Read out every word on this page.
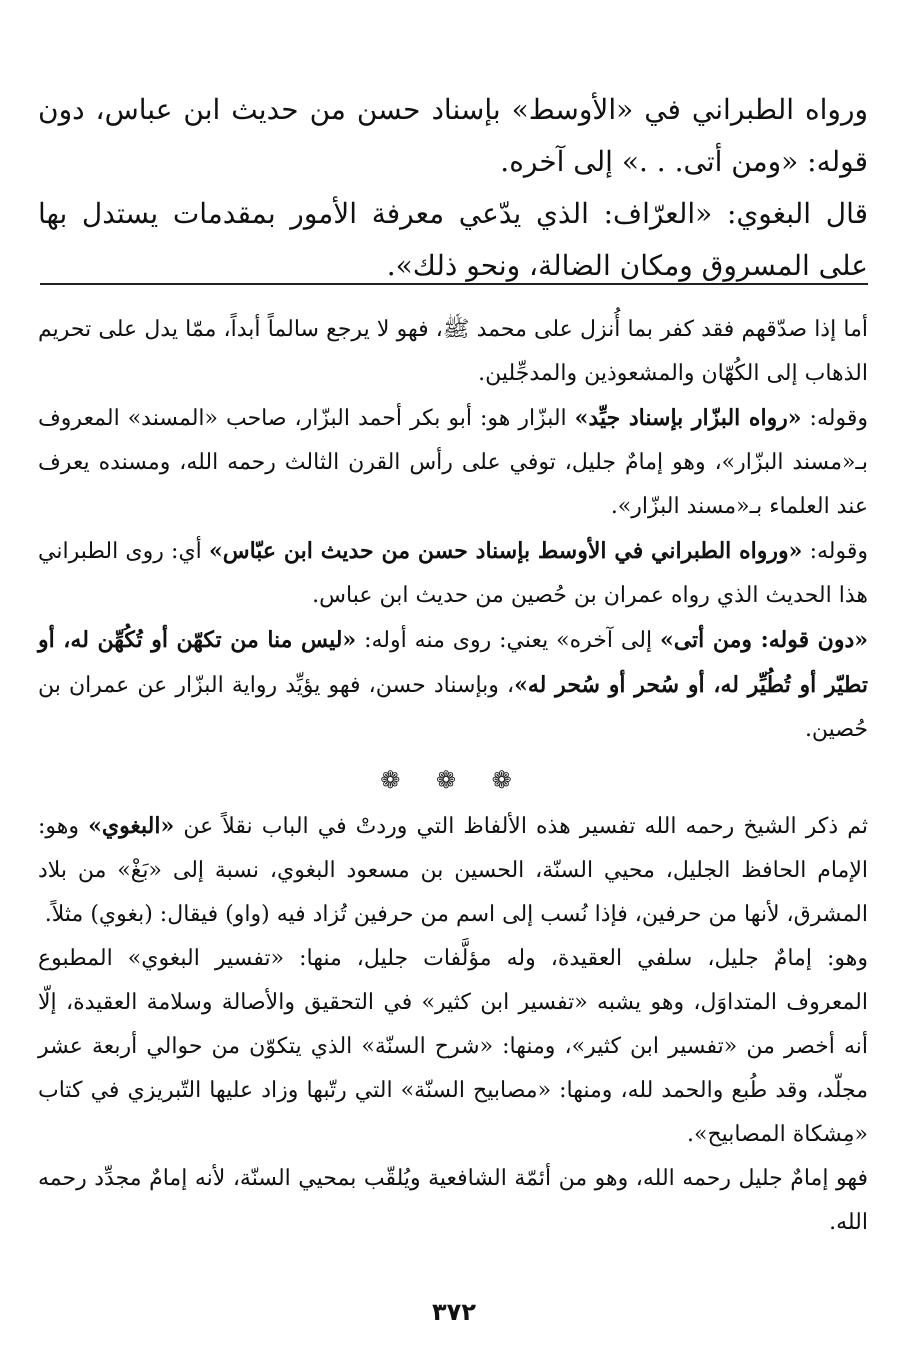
ورواه الطبراني في «الأوسط» بإسناد حسن من حديث ابن عباس، دون قوله: «ومن أتى. . .» إلى آخره.

قال البغوي: «العرّاف: الذي يدّعي معرفة الأمور بمقدمات يستدل بها على المسروق ومكان الضالة، ونحو ذلك».

أما إذا صدّقهم فقد كفر بما أُنزل على محمد ﷺ، فهو لا يرجع سالماً أبداً، ممّا يدل على تحريم الذهاب إلى الكُهّان والمشعوذين والمدجِّلين.

وقوله: «رواه البزّار بإسناد جيِّد» البزّار هو: أبو بكر أحمد البزّار، صاحب «المسند» المعروف بـ«مسند البزّار»، وهو إمامٌ جليل، توفي على رأس القرن الثالث رحمه الله، ومسنده يعرف عند العلماء بـ«مسند البزّار».

وقوله: «ورواه الطبراني في الأوسط بإسناد حسن من حديث ابن عبّاس» أي: روى الطبراني هذا الحديث الذي رواه عمران بن حُصين من حديث ابن عباس.

«دون قوله: ومن أتى» إلى آخره» يعني: روى منه أوله: «ليس منا من تكهّن أو تُكُهِّن له، أو تطيّر أو تُطُيِّر له، أو سُحر أو سُحر له»، وبإسناد حسن، فهو يؤيِّد رواية البزّار عن عمران بن حُصين.

❁ ❁ ❁

ثم ذكر الشيخ رحمه الله تفسير هذه الألفاظ التي وردتْ في الباب نقلاً عن «البغوي» وهو: الإمام الحافظ الجليل، محيي السنّة، الحسين بن مسعود البغوي، نسبة إلى «بَغْ» من بلاد المشرق، لأنها من حرفين، فإذا نُسب إلى اسم من حرفين تُزاد فيه (واو) فيقال: (بغوي) مثلاً.

وهو: إمامٌ جليل، سلفي العقيدة، وله مؤلَّفات جليل، منها: «تفسير البغوي» المطبوع المعروف المتداوَل، وهو يشبه «تفسير ابن كثير» في التحقيق والأصالة وسلامة العقيدة، إلّا أنه أخصر من «تفسير ابن كثير»، ومنها: «شرح السنّة» الذي يتكوّن من حوالي أربعة عشر مجلّد، وقد طُبع والحمد لله، ومنها: «مصابيح السنّة» التي رتّبها وزاد عليها التّبريزي في كتاب «مِشكاة المصابيح».

فهو إمامٌ جليل رحمه الله، وهو من أئمّة الشافعية ويُلقّب بمحيي السنّة، لأنه إمامٌ مجدِّد رحمه الله.

٣٧٢
